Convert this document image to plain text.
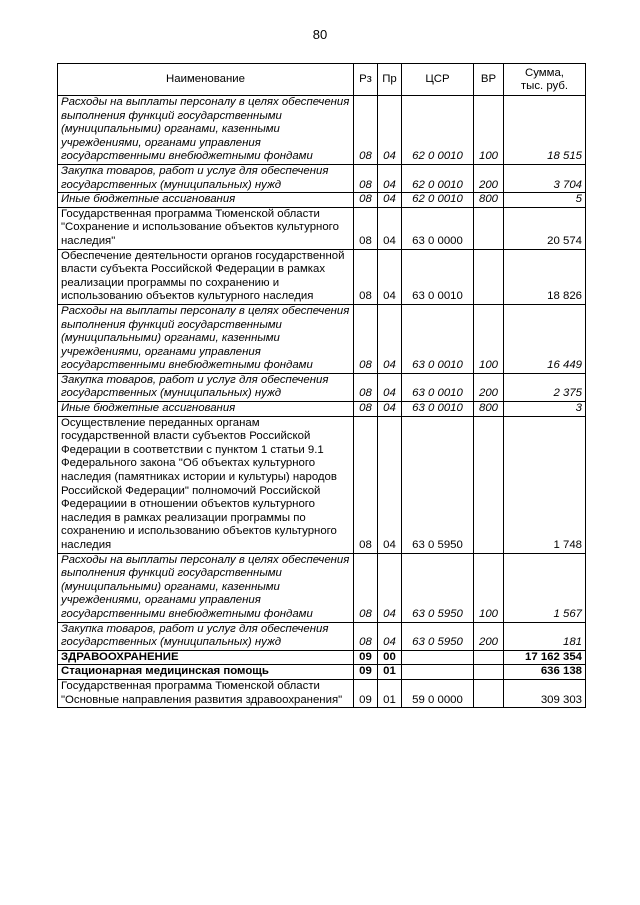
80
Наименование	Рз	Пр	ЦСР	ВР	Сумма,
тыс. руб.
Расходы на выплаты персоналу в целях обеспечения выполнения функций государственными (муниципальными) органами, казенными учреждениями, органами управления государственными внебюджетными фондами	08	04	62 0 0010	100	18 515
Закупка товаров, работ и услуг для обеспечения государственных (муниципальных) нужд	08	04	62 0 0010	200	3 704
Иные бюджетные ассигнования	08	04	62 0 0010	800	5
Государственная программа Тюменской области "Сохранение и использование объектов культурного наследия"	08	04	63 0 0000		20 574
Обеспечение деятельности органов государственной власти субъекта Российской Федерации в рамках реализации программы по сохранению и использованию объектов культурного наследия	08	04	63 0 0010		18 826
Расходы на выплаты персоналу в целях обеспечения выполнения функций государственными (муниципальными) органами, казенными учреждениями, органами управления государственными внебюджетными фондами	08	04	63 0 0010	100	16 449
Закупка товаров, работ и услуг для обеспечения государственных (муниципальных) нужд	08	04	63 0 0010	200	2 375
Иные бюджетные ассигнования	08	04	63 0 0010	800	3
Осуществление переданных органам государственной власти субъектов Российской Федерации в соответствии с пунктом 1 статьи 9.1 Федерального закона "Об объектах культурного наследия (памятниках истории и культуры) народов Российской Федерации" полномочий Российской Федерациии в отношении объектов культурного наследия в рамках реализации программы по сохранению и использованию объектов культурного наследия	08	04	63 0 5950		1 748
Расходы на выплаты персоналу в целях обеспечения выполнения функций государственными (муниципальными) органами, казенными учреждениями, органами управления государственными внебюджетными фондами	08	04	63 0 5950	100	1 567
Закупка товаров, работ и услуг для обеспечения государственных (муниципальных) нужд	08	04	63 0 5950	200	181
ЗДРАВООХРАНЕНИЕ	09	00			17 162 354
Стационарная медицинская помощь	09	01			636 138
Государственная программа Тюменской области "Основные направления развития здравоохранения"	09	01	59 0 0000		309 303
